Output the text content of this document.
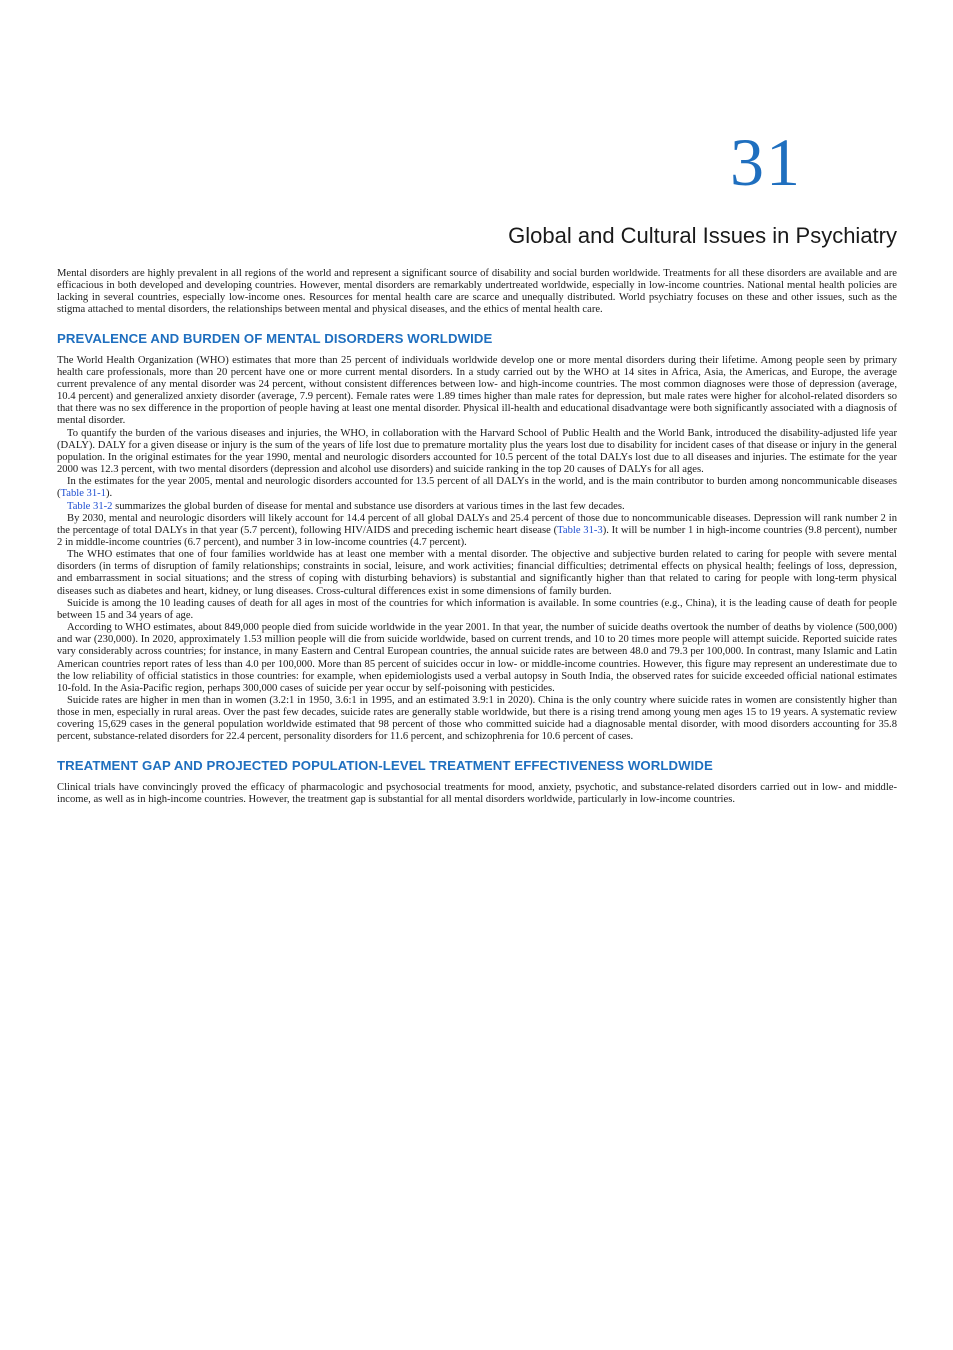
31
Global and Cultural Issues in Psychiatry

Mental disorders are highly prevalent in all regions of the world and represent a significant source of disability and social burden worldwide. Treatments for all these disorders are available and are efficacious in both developed and developing countries. However, mental disorders are remarkably undertreated worldwide, especially in low-income countries. National mental health policies are lacking in several countries, especially low-income ones. Resources for mental health care are scarce and unequally distributed. World psychiatry focuses on these and other issues, such as the stigma attached to mental disorders, the relationships between mental and physical diseases, and the ethics of mental health care.

PREVALENCE AND BURDEN OF MENTAL DISORDERS WORLDWIDE

The World Health Organization (WHO) estimates that more than 25 percent of individuals worldwide develop one or more mental disorders during their lifetime. Among people seen by primary health care professionals, more than 20 percent have one or more current mental disorders. In a study carried out by the WHO at 14 sites in Africa, Asia, the Americas, and Europe, the average current prevalence of any mental disorder was 24 percent, without consistent differences between low- and high-income countries. The most common diagnoses were those of depression (average, 10.4 percent) and generalized anxiety disorder (average, 7.9 percent). Female rates were 1.89 times higher than male rates for depression, but male rates were higher for alcohol-related disorders so that there was no sex difference in the proportion of people having at least one mental disorder. Physical ill-health and educational disadvantage were both significantly associated with a diagnosis of mental disorder.

To quantify the burden of the various diseases and injuries, the WHO, in collaboration with the Harvard School of Public Health and the World Bank, introduced the disability-adjusted life year (DALY). DALY for a given disease or injury is the sum of the years of life lost due to premature mortality plus the years lost due to disability for incident cases of that disease or injury in the general population. In the original estimates for the year 1990, mental and neurologic disorders accounted for 10.5 percent of the total DALYs lost due to all diseases and injuries. The estimate for the year 2000 was 12.3 percent, with two mental disorders (depression and alcohol use disorders) and suicide ranking in the top 20 causes of DALYs for all ages.

In the estimates for the year 2005, mental and neurologic disorders accounted for 13.5 percent of all DALYs in the world, and is the main contributor to burden among noncommunicable diseases (Table 31-1).

Table 31-2 summarizes the global burden of disease for mental and substance use disorders at various times in the last few decades.

By 2030, mental and neurologic disorders will likely account for 14.4 percent of all global DALYs and 25.4 percent of those due to noncommunicable diseases. Depression will rank number 2 in the percentage of total DALYs in that year (5.7 percent), following HIV/AIDS and preceding ischemic heart disease (Table 31-3). It will be number 1 in high-income countries (9.8 percent), number 2 in middle-income countries (6.7 percent), and number 3 in low-income countries (4.7 percent).

The WHO estimates that one of four families worldwide has at least one member with a mental disorder. The objective and subjective burden related to caring for people with severe mental disorders (in terms of disruption of family relationships; constraints in social, leisure, and work activities; financial difficulties; detrimental effects on physical health; feelings of loss, depression, and embarrassment in social situations; and the stress of coping with disturbing behaviors) is substantial and significantly higher than that related to caring for people with long-term physical diseases such as diabetes and heart, kidney, or lung diseases. Cross-cultural differences exist in some dimensions of family burden.

Suicide is among the 10 leading causes of death for all ages in most of the countries for which information is available. In some countries (e.g., China), it is the leading cause of death for people between 15 and 34 years of age.

According to WHO estimates, about 849,000 people died from suicide worldwide in the year 2001. In that year, the number of suicide deaths overtook the number of deaths by violence (500,000) and war (230,000). In 2020, approximately 1.53 million people will die from suicide worldwide, based on current trends, and 10 to 20 times more people will attempt suicide. Reported suicide rates vary considerably across countries; for instance, in many Eastern and Central European countries, the annual suicide rates are between 48.0 and 79.3 per 100,000. In contrast, many Islamic and Latin American countries report rates of less than 4.0 per 100,000. More than 85 percent of suicides occur in low- or middle-income countries. However, this figure may represent an underestimate due to the low reliability of official statistics in those countries: for example, when epidemiologists used a verbal autopsy in South India, the observed rates for suicide exceeded official national estimates 10-fold. In the Asia-Pacific region, perhaps 300,000 cases of suicide per year occur by self-poisoning with pesticides.

Suicide rates are higher in men than in women (3.2:1 in 1950, 3.6:1 in 1995, and an estimated 3.9:1 in 2020). China is the only country where suicide rates in women are consistently higher than those in men, especially in rural areas. Over the past few decades, suicide rates are generally stable worldwide, but there is a rising trend among young men ages 15 to 19 years. A systematic review covering 15,629 cases in the general population worldwide estimated that 98 percent of those who committed suicide had a diagnosable mental disorder, with mood disorders accounting for 35.8 percent, substance-related disorders for 22.4 percent, personality disorders for 11.6 percent, and schizophrenia for 10.6 percent of cases.

TREATMENT GAP AND PROJECTED POPULATION-LEVEL TREATMENT EFFECTIVENESS WORLDWIDE

Clinical trials have convincingly proved the efficacy of pharmacologic and psychosocial treatments for mood, anxiety, psychotic, and substance-related disorders carried out in low- and middle-income, as well as in high-income countries. However, the treatment gap is substantial for all mental disorders worldwide, particularly in low-income countries.
